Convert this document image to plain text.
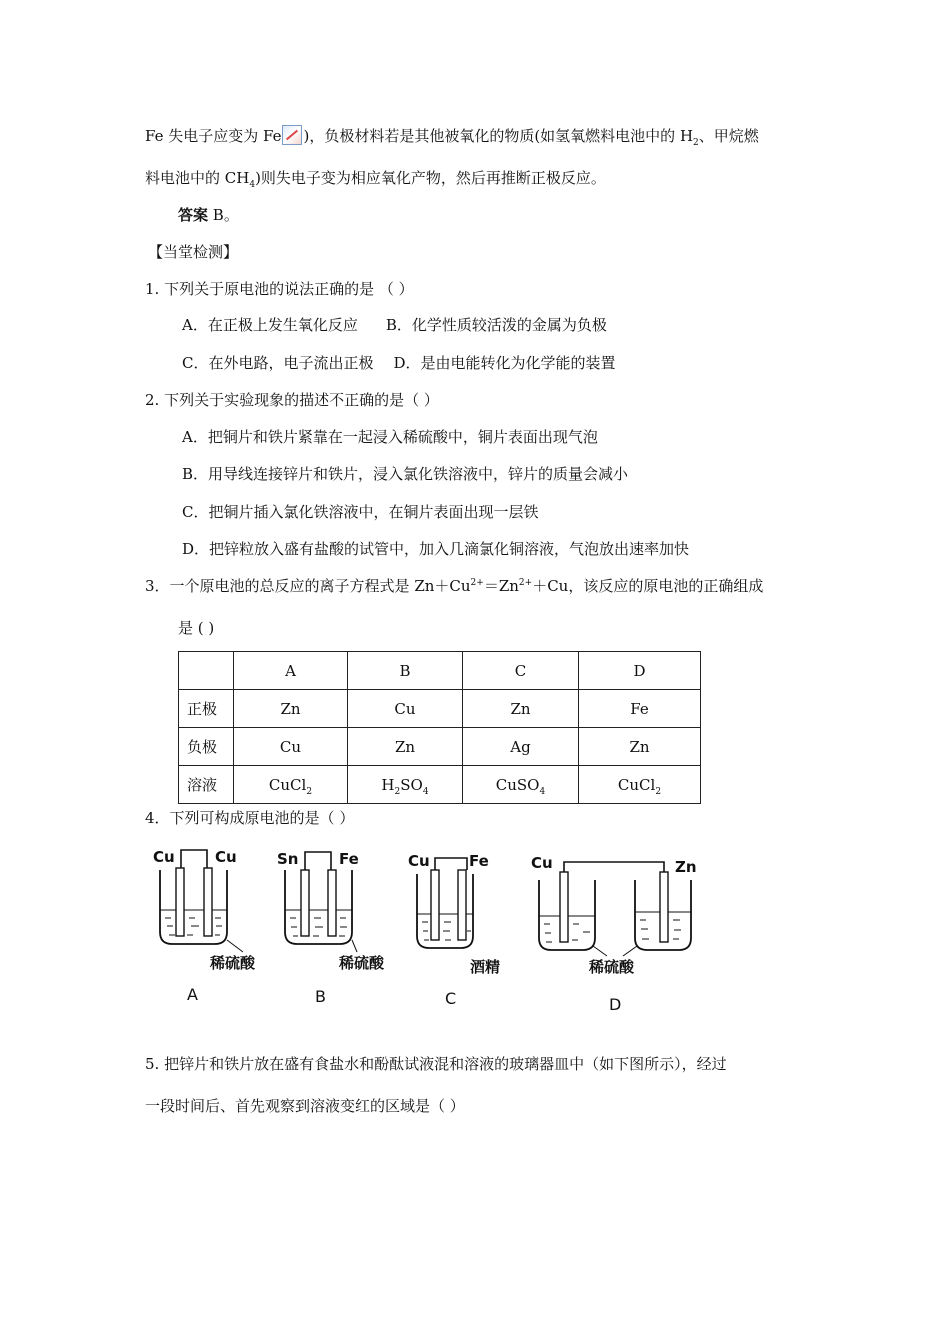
Fe 失电子应变为 Fe )，负极材料若是其他被氧化的物质(如氢氧燃料电池中的 $H_2$、甲烷燃
料电池中的 $CH_4$)则失电子变为相应氧化产物，然后再推断正极反应。
答案 B。
【当堂检测】
1. 下列关于原电池的说法正确的是 （ ）
A．在正极上发生氧化反应 B．化学性质较活泼的金属为负极
C．在外电路，电子流出正极 D．是由电能转化为化学能的装置
2. 下列关于实验现象的描述不正确的是（ ）
A．把铜片和铁片紧靠在一起浸入稀硫酸中，铜片表面出现气泡
B．用导线连接锌片和铁片，浸入氯化铁溶液中，锌片的质量会减小
C．把铜片插入氯化铁溶液中，在铜片表面出现一层铁
D．把锌粒放入盛有盐酸的试管中，加入几滴氯化铜溶液，气泡放出速率加快
3．一个原电池的总反应的离子方程式是 $Zn+Cu^{2+}=Zn^{2+}+Cu$，该反应的原电池的正确组成
是 ( )
	A	B	C	D
正极	Zn	Cu	Zn	Fe
负极	Cu	Zn	Ag	Zn
溶液	CuCl$_2$	$H_2SO_4$	CuSO$_4$	CuCl$_2$
4．下列可构成原电池的是（ ）
Cu	Cu
稀硫酸
A
Sn	Fe
稀硫酸
B
Cu	Fe
酒精
C
Cu	Zn
稀硫酸
D
5. 把锌片和铁片放在盛有食盐水和酚酞试液混和溶液的玻璃器皿中（如下图所示），经过
一段时间后、首先观察到溶液变红的区域是（ ）
